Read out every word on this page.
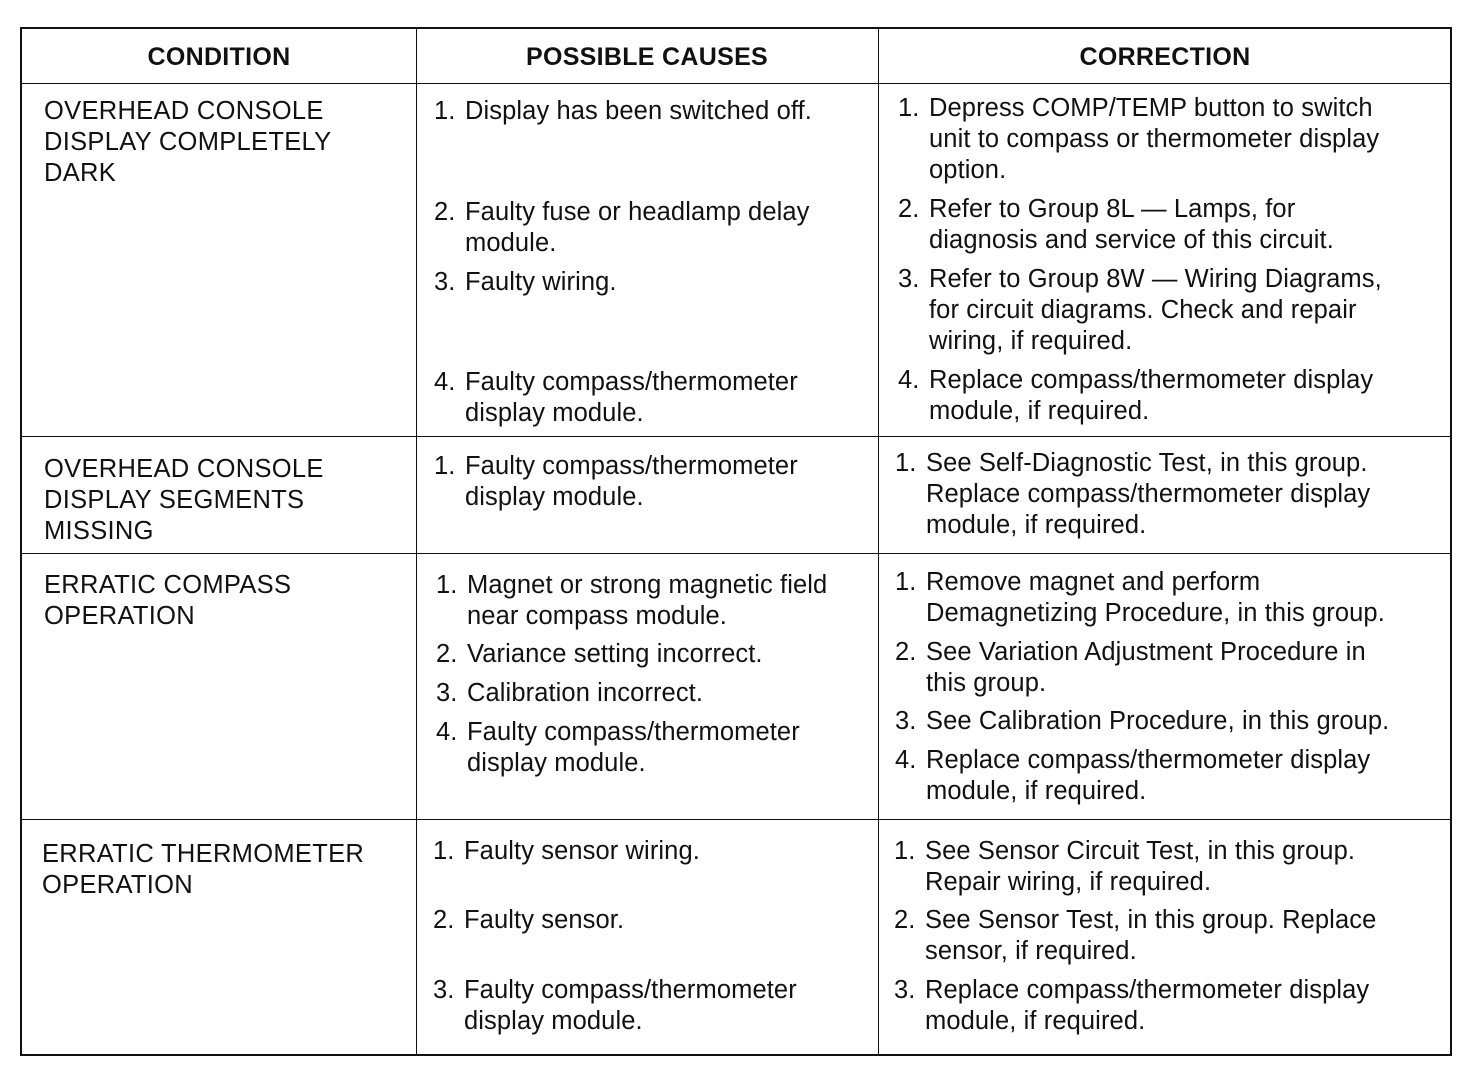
CONDITION	POSSIBLE CAUSES	CORRECTION
OVERHEAD CONSOLE
DISPLAY COMPLETELY
DARK
1. Display has been switched off.
2. Faulty fuse or headlamp delay
module.
3. Faulty wiring.
4. Faulty compass/thermometer
display module.
1. Depress COMP/TEMP button to switch
unit to compass or thermometer display
option.
2. Refer to Group 8L — Lamps, for
diagnosis and service of this circuit.
3. Refer to Group 8W — Wiring Diagrams,
for circuit diagrams. Check and repair
wiring, if required.
4. Replace compass/thermometer display
module, if required.
OVERHEAD CONSOLE
DISPLAY SEGMENTS
MISSING
1. Faulty compass/thermometer
display module.
1. See Self-Diagnostic Test, in this group.
Replace compass/thermometer display
module, if required.
ERRATIC COMPASS
OPERATION
1. Magnet or strong magnetic field
near compass module.
2. Variance setting incorrect.
3. Calibration incorrect.
4. Faulty compass/thermometer
display module.
1. Remove magnet and perform
Demagnetizing Procedure, in this group.
2. See Variation Adjustment Procedure in
this group.
3. See Calibration Procedure, in this group.
4. Replace compass/thermometer display
module, if required.
ERRATIC THERMOMETER
OPERATION
1. Faulty sensor wiring.
2. Faulty sensor.
3. Faulty compass/thermometer
display module.
1. See Sensor Circuit Test, in this group.
Repair wiring, if required.
2. See Sensor Test, in this group. Replace
sensor, if required.
3. Replace compass/thermometer display
module, if required.
